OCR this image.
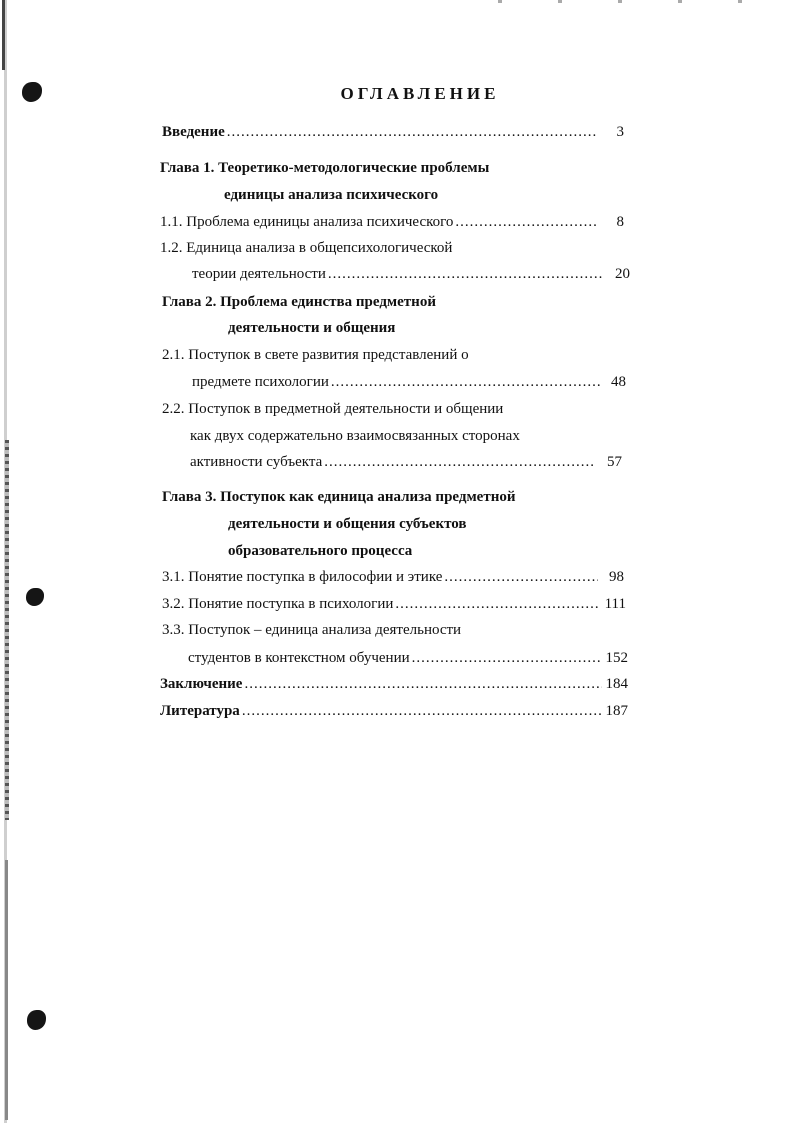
ОГЛАВЛЕНИЕ
Введение .....	3
Глава 1. Теоретико-методологические проблемы
единицы анализа психического
1.1. Проблема единицы анализа психического .....	8
1.2. Единица анализа в общепсихологической
теории деятельности .....	20
Глава 2. Проблема единства предметной
деятельности и общения
2.1. Поступок в свете развития представлений о
предмете психологии .....	48
2.2. Поступок в предметной деятельности и общении
как двух содержательно взаимосвязанных сторонах
активности субъекта .....	57
Глава 3. Поступок как единица анализа предметной
деятельности и общения субъектов
образовательного процесса
3.1. Понятие поступка в философии и этике .....	98
3.2. Понятие поступка в психологии .....	111
3.3. Поступок – единица анализа деятельности
студентов в контекстном обучении .....	152
Заключение .....	184
Литература .....	187
